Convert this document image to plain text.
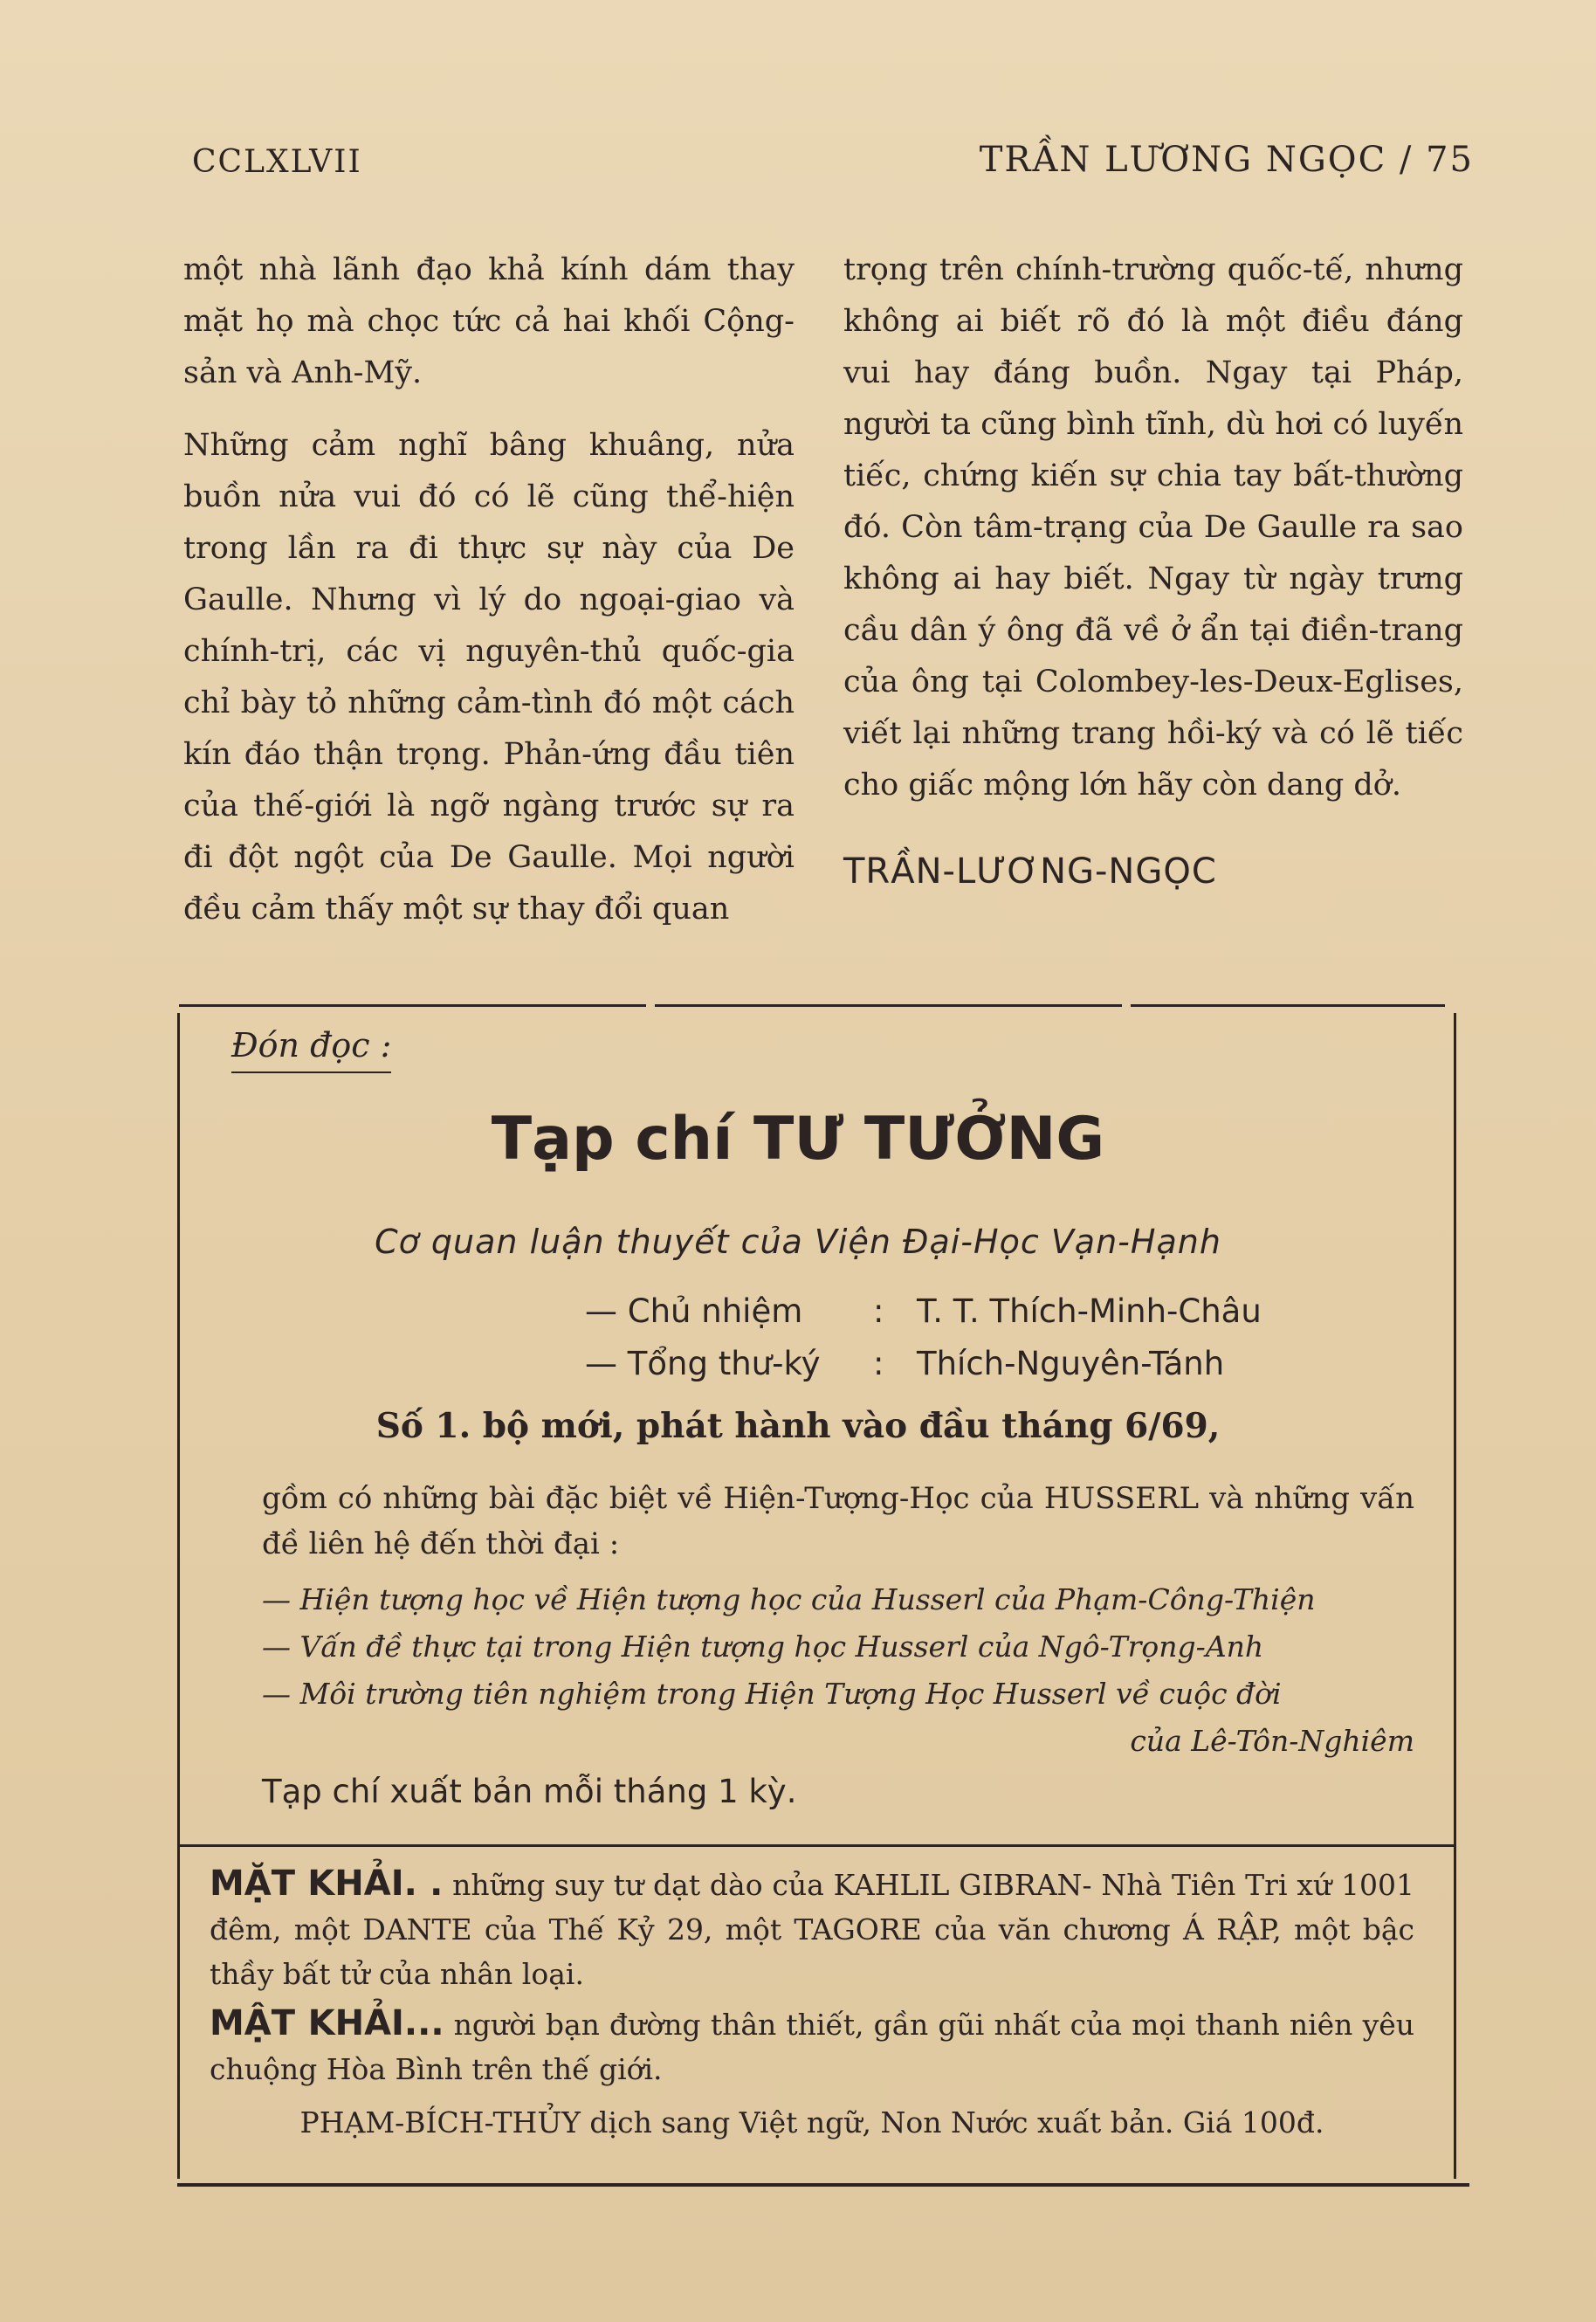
CCLXLVII	TRẦN LƯƠNG NGỌC / 75

một nhà lãnh đạo khả kính dám thay mặt họ mà chọc tức cả hai khối Cộng-sản và Anh-Mỹ.

Những cảm nghĩ bâng khuâng, nửa buồn nửa vui đó có lẽ cũng thể-hiện trong lần ra đi thực sự này của De Gaulle. Nhưng vì lý do ngoại-giao và chính-trị, các vị nguyên-thủ quốc-gia chỉ bày tỏ những cảm-tình đó một cách kín đáo thận trọng. Phản-ứng đầu tiên của thế-giới là ngỡ ngàng trước sự ra đi đột ngột của De Gaulle. Mọi người đều cảm thấy một sự thay đổi quan

trọng trên chính-trường quốc-tế, nhưng không ai biết rõ đó là một điều đáng vui hay đáng buồn. Ngay tại Pháp, người ta cũng bình tĩnh, dù hơi có luyến tiếc, chứng kiến sự chia tay bất-thường đó. Còn tâm-trạng của De Gaulle ra sao không ai hay biết. Ngay từ ngày trưng cầu dân ý ông đã về ở ẩn tại điền-trang của ông tại Colombey-les-Deux-Eglises, viết lại những trang hồi-ký và có lẽ tiếc cho giấc mộng lớn hãy còn dang dở.

TRẦN-LƯƠNG-NGỌC

Đón đọc :
Tạp chí TƯ TƯỞNG
Cơ quan luận thuyết của Viện Đại-Học Vạn-Hạnh
— Chủ nhiệm : T. T. Thích-Minh-Châu
— Tổng thư-ký : Thích-Nguyên-Tánh
Số 1. bộ mới, phát hành vào đầu tháng 6/69,
gồm có những bài đặc biệt về Hiện-Tượng-Học của HUSSERL và những vấn đề liên hệ đến thời đại :
— Hiện tượng học về Hiện tượng học của Husserl của Phạm-Công-Thiện
— Vấn đề thực tại trong Hiện tượng học Husserl của Ngô-Trọng-Anh
— Môi trường tiên nghiệm trong Hiện Tượng Học Husserl về cuộc đời
của Lê-Tôn-Nghiêm
Tạp chí xuất bản mỗi tháng 1 kỳ.

MẶT KHẢI. . những suy tư dạt dào của KAHLIL GIBRAN- Nhà Tiên Tri xứ 1001 đêm, một DANTE của Thế Kỷ 29, một TAGORE của văn chương Á RẬP, một bậc thầy bất tử của nhân loại.

MẬT KHẢI... người bạn đường thân thiết, gần gũi nhất của mọi thanh niên yêu chuộng Hòa Bình trên thế giới.

PHẠM-BÍCH-THỦY dịch sang Việt ngữ, Non Nước xuất bản. Giá 100đ.
